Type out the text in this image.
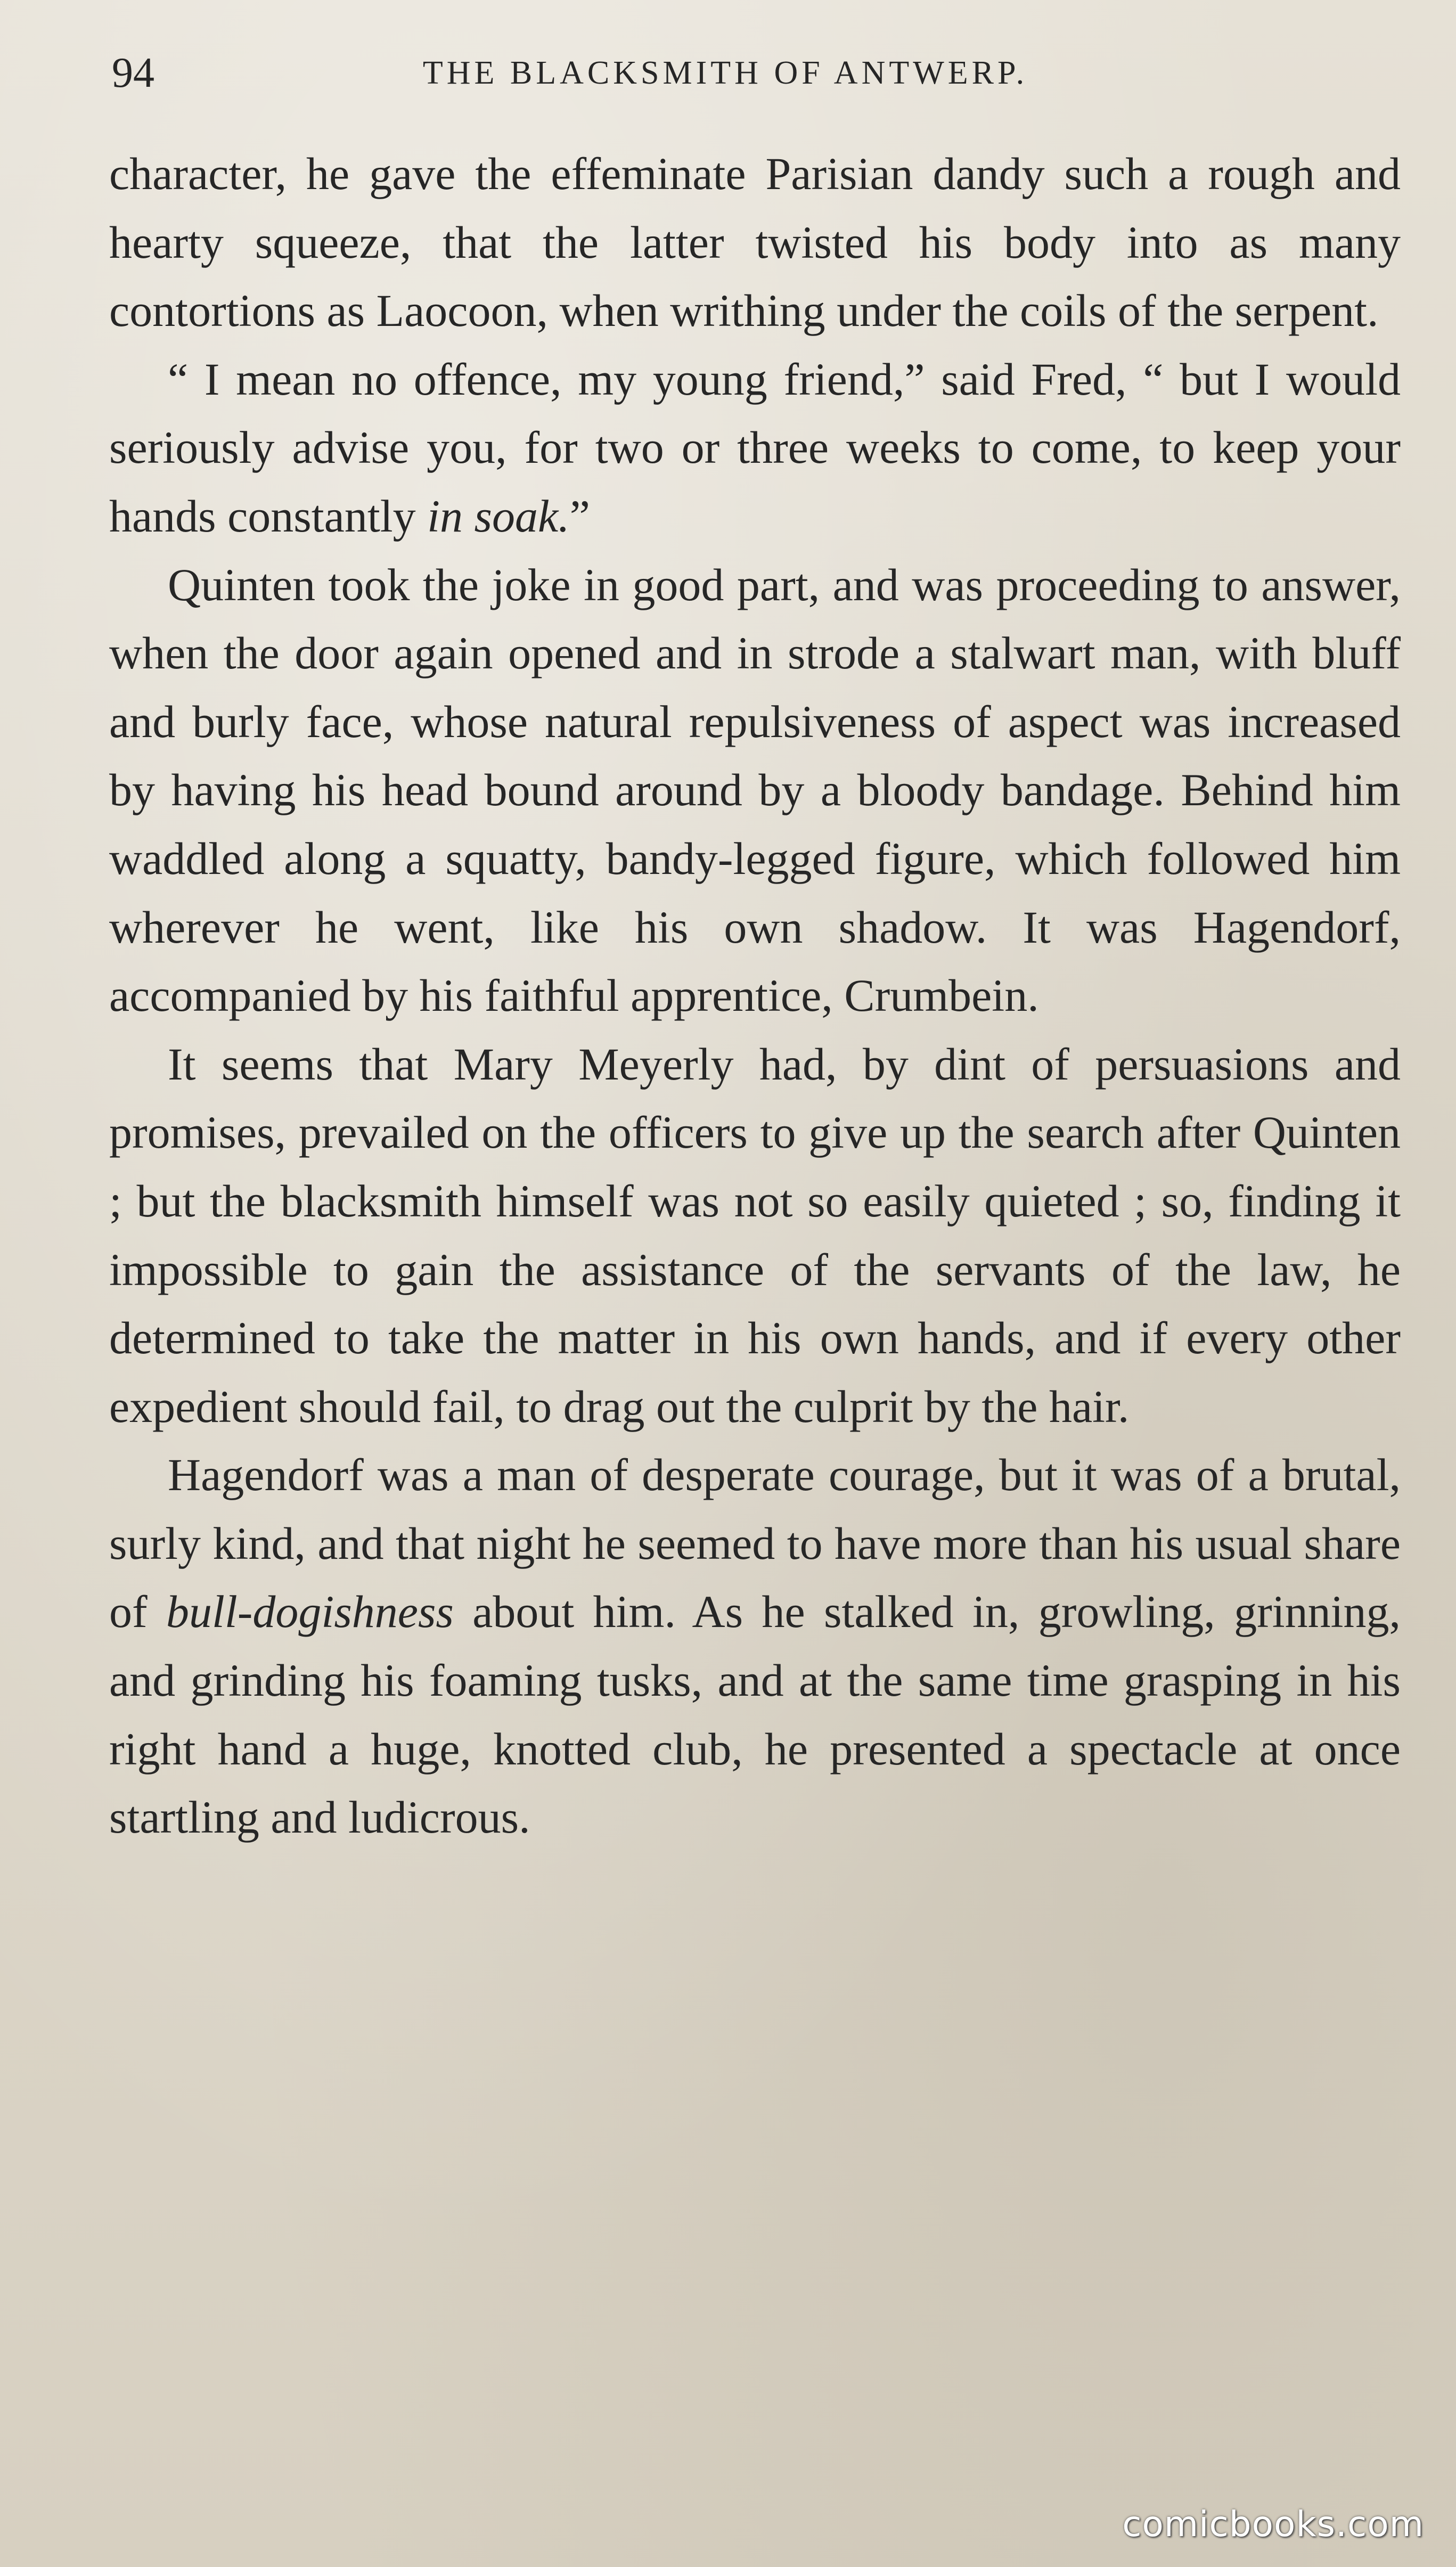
94	THE BLACKSMITH OF ANTWERP.

character, he gave the effeminate Parisian dandy such a rough and hearty squeeze, that the latter twisted his body into as many contortions as Laocoon, when writhing under the coils of the serpent.

“ I mean no offence, my young friend,” said Fred, “ but I would seriously advise you, for two or three weeks to come, to keep your hands constantly in soak.”

Quinten took the joke in good part, and was proceeding to answer, when the door again opened and in strode a stalwart man, with bluff and burly face, whose natural repulsiveness of aspect was increased by having his head bound around by a bloody bandage. Behind him waddled along a squatty, bandy-legged figure, which followed him wherever he went, like his own shadow. It was Hagendorf, accompanied by his faithful apprentice, Crumbein.

It seems that Mary Meyerly had, by dint of persuasions and promises, prevailed on the officers to give up the search after Quinten ; but the blacksmith himself was not so easily quieted ; so, finding it impossible to gain the assistance of the servants of the law, he determined to take the matter in his own hands, and if every other expedient should fail, to drag out the culprit by the hair.

Hagendorf was a man of desperate courage, but it was of a brutal, surly kind, and that night he seemed to have more than his usual share of bull-dogishness about him. As he stalked in, growling, grinning, and grinding his foaming tusks, and at the same time grasping in his right hand a huge, knotted club, he presented a spectacle at once startling and ludicrous.

comicbooks.com
